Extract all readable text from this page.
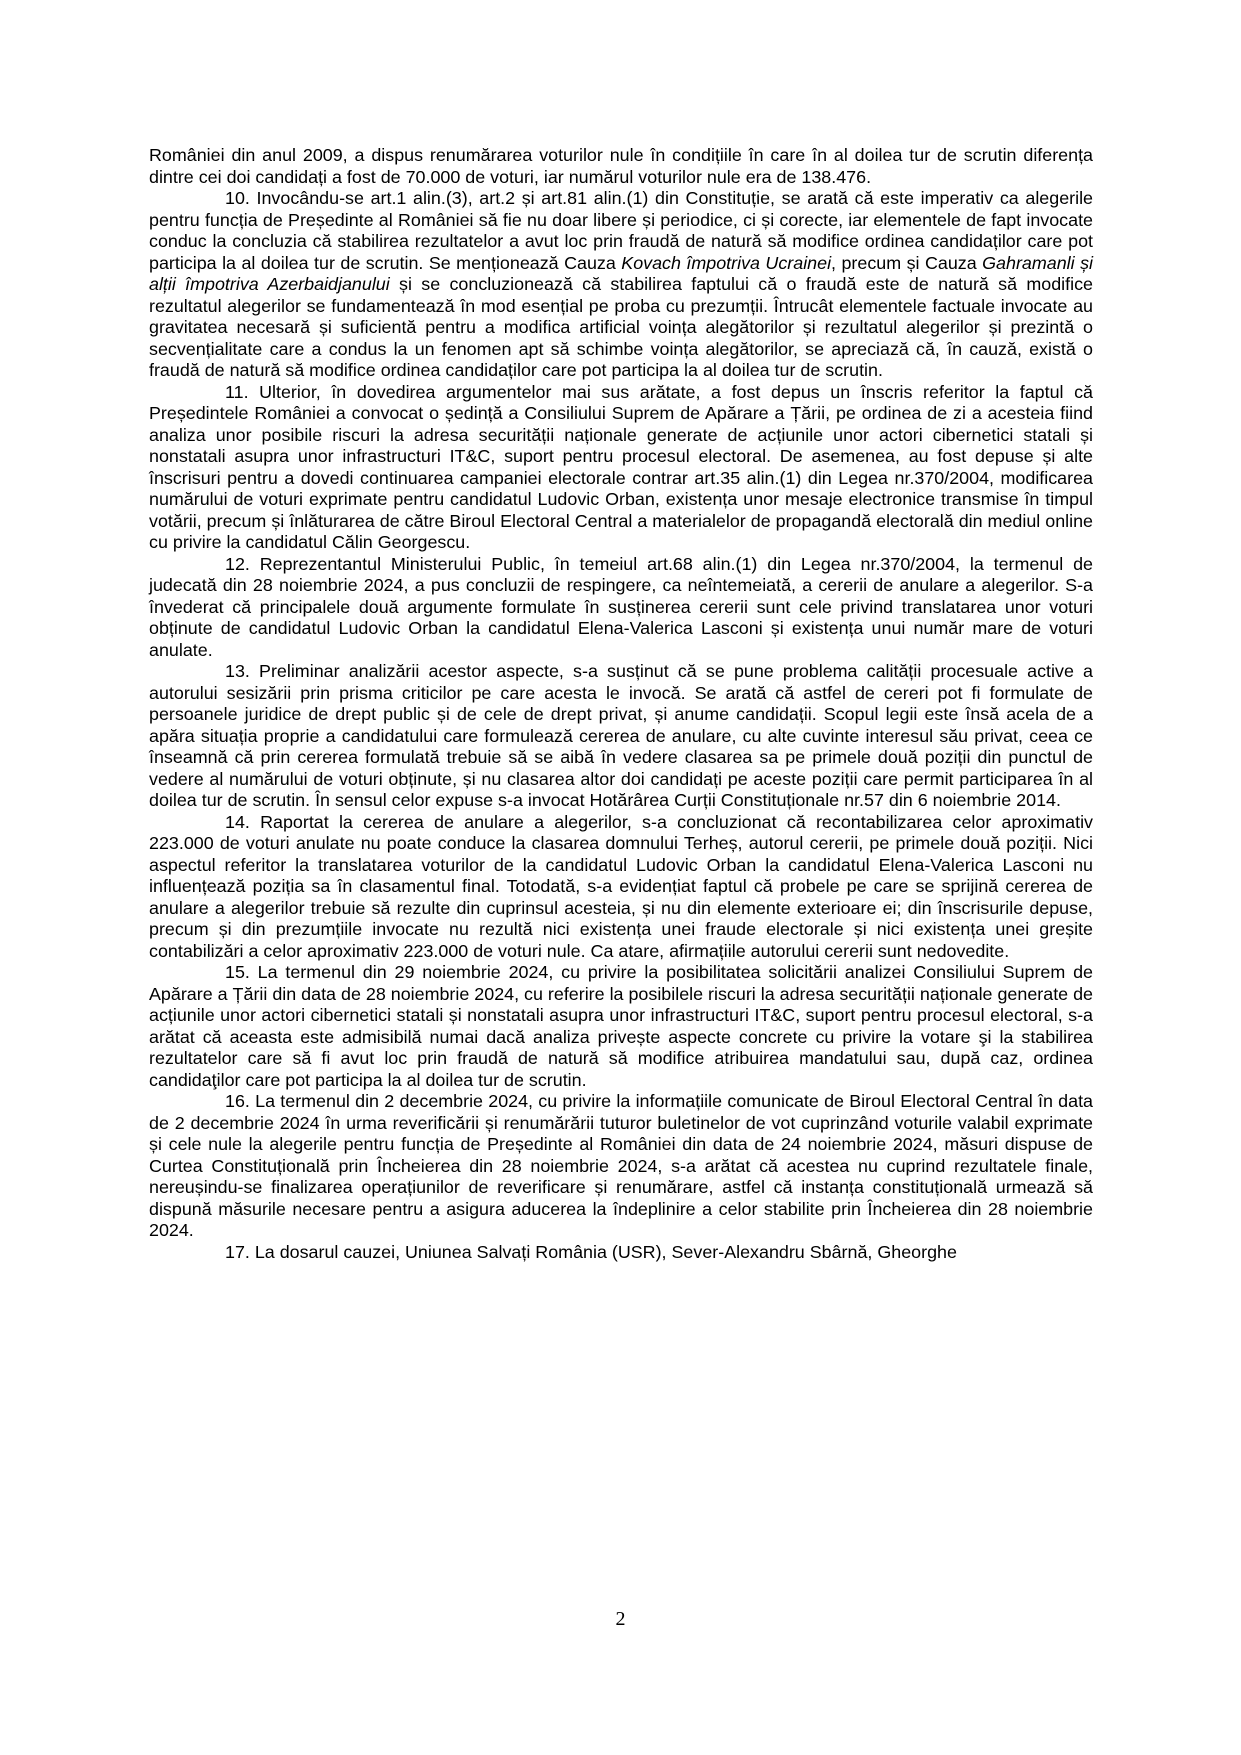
României din anul 2009, a dispus renumărarea voturilor nule în condițiile în care în al doilea tur de scrutin diferența dintre cei doi candidați a fost de 70.000 de voturi, iar numărul voturilor nule era de 138.476.

10. Invocându-se art.1 alin.(3), art.2 și art.81 alin.(1) din Constituție, se arată că este imperativ ca alegerile pentru funcția de Președinte al României să fie nu doar libere și periodice, ci și corecte, iar elementele de fapt invocate conduc la concluzia că stabilirea rezultatelor a avut loc prin fraudă de natură să modifice ordinea candidaților care pot participa la al doilea tur de scrutin. Se menționează Cauza Kovach împotriva Ucrainei, precum și Cauza Gahramanli și alții împotriva Azerbaidjanului și se concluzionează că stabilirea faptului că o fraudă este de natură să modifice rezultatul alegerilor se fundamentează în mod esențial pe proba cu prezumții. Întrucât elementele factuale invocate au gravitatea necesară și suficientă pentru a modifica artificial voința alegătorilor și rezultatul alegerilor și prezintă o secvențialitate care a condus la un fenomen apt să schimbe voința alegătorilor, se apreciază că, în cauză, există o fraudă de natură să modifice ordinea candidaților care pot participa la al doilea tur de scrutin.

11. Ulterior, în dovedirea argumentelor mai sus arătate, a fost depus un înscris referitor la faptul că Președintele României a convocat o ședință a Consiliului Suprem de Apărare a Țării, pe ordinea de zi a acesteia fiind analiza unor posibile riscuri la adresa securității naționale generate de acțiunile unor actori cibernetici statali și nonstatali asupra unor infrastructuri IT&C, suport pentru procesul electoral. De asemenea, au fost depuse și alte înscrisuri pentru a dovedi continuarea campaniei electorale contrar art.35 alin.(1) din Legea nr.370/2004, modificarea numărului de voturi exprimate pentru candidatul Ludovic Orban, existența unor mesaje electronice transmise în timpul votării, precum și înlăturarea de către Biroul Electoral Central a materialelor de propagandă electorală din mediul online cu privire la candidatul Călin Georgescu.

12. Reprezentantul Ministerului Public, în temeiul art.68 alin.(1) din Legea nr.370/2004, la termenul de judecată din 28 noiembrie 2024, a pus concluzii de respingere, ca neîntemeiată, a cererii de anulare a alegerilor. S-a învederat că principalele două argumente formulate în susținerea cererii sunt cele privind translatarea unor voturi obținute de candidatul Ludovic Orban la candidatul Elena-Valerica Lasconi și existența unui număr mare de voturi anulate.

13. Preliminar analizării acestor aspecte, s-a susținut că se pune problema calității procesuale active a autorului sesizării prin prisma criticilor pe care acesta le invocă. Se arată că astfel de cereri pot fi formulate de persoanele juridice de drept public și de cele de drept privat, și anume candidații. Scopul legii este însă acela de a apăra situația proprie a candidatului care formulează cererea de anulare, cu alte cuvinte interesul său privat, ceea ce înseamnă că prin cererea formulată trebuie să se aibă în vedere clasarea sa pe primele două poziții din punctul de vedere al numărului de voturi obținute, și nu clasarea altor doi candidați pe aceste poziții care permit participarea în al doilea tur de scrutin. În sensul celor expuse s-a invocat Hotărârea Curții Constituționale nr.57 din 6 noiembrie 2014.

14. Raportat la cererea de anulare a alegerilor, s-a concluzionat că recontabilizarea celor aproximativ 223.000 de voturi anulate nu poate conduce la clasarea domnului Terheș, autorul cererii, pe primele două poziții. Nici aspectul referitor la translatarea voturilor de la candidatul Ludovic Orban la candidatul Elena-Valerica Lasconi nu influențează poziția sa în clasamentul final. Totodată, s-a evidențiat faptul că probele pe care se sprijină cererea de anulare a alegerilor trebuie să rezulte din cuprinsul acesteia, și nu din elemente exterioare ei; din înscrisurile depuse, precum și din prezumțiile invocate nu rezultă nici existența unei fraude electorale și nici existența unei greșite contabilizări a celor aproximativ 223.000 de voturi nule. Ca atare, afirmațiile autorului cererii sunt nedovedite.

15. La termenul din 29 noiembrie 2024, cu privire la posibilitatea solicitării analizei Consiliului Suprem de Apărare a Țării din data de 28 noiembrie 2024, cu referire la posibilele riscuri la adresa securității naționale generate de acțiunile unor actori cibernetici statali și nonstatali asupra unor infrastructuri IT&C, suport pentru procesul electoral, s-a arătat că aceasta este admisibilă numai dacă analiza privește aspecte concrete cu privire la votare şi la stabilirea rezultatelor care să fi avut loc prin fraudă de natură să modifice atribuirea mandatului sau, după caz, ordinea candidaţilor care pot participa la al doilea tur de scrutin.

16. La termenul din 2 decembrie 2024, cu privire la informațiile comunicate de Biroul Electoral Central în data de 2 decembrie 2024 în urma reverificării și renumărării tuturor buletinelor de vot cuprinzând voturile valabil exprimate și cele nule la alegerile pentru funcția de Președinte al României din data de 24 noiembrie 2024, măsuri dispuse de Curtea Constituțională prin Încheierea din 28 noiembrie 2024, s-a arătat că acestea nu cuprind rezultatele finale, nereușindu-se finalizarea operațiunilor de reverificare și renumărare, astfel că instanța constituțională urmează să dispună măsurile necesare pentru a asigura aducerea la îndeplinire a celor stabilite prin Încheierea din 28 noiembrie 2024.

17. La dosarul cauzei, Uniunea Salvați România (USR), Sever-Alexandru Sbârnă, Gheorghe

2
